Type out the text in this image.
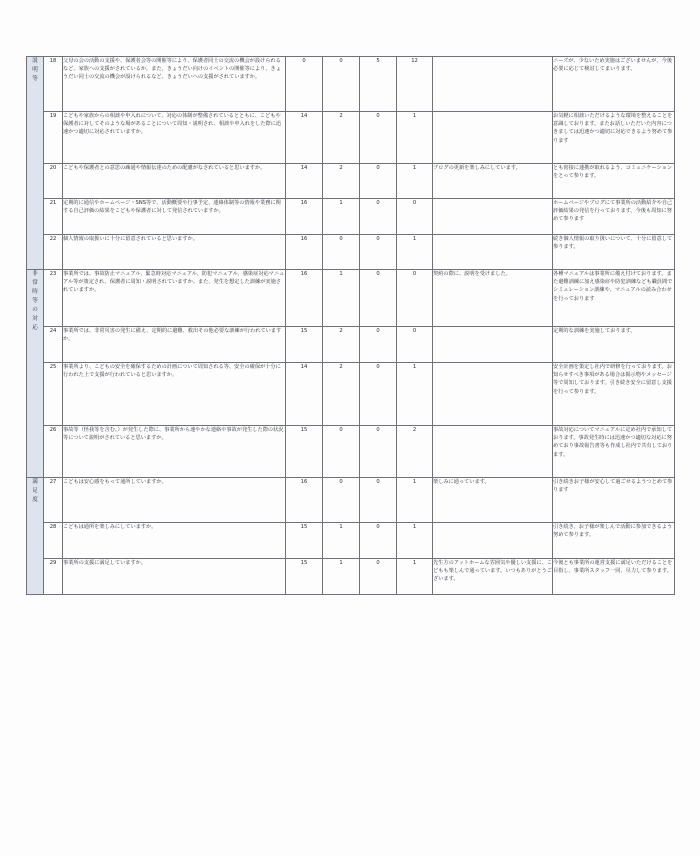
説明等	18	父母の会の活動の支援や、保護者会等の開催等により、保護者同士の交流の機会が設けられるなど、家族への支援がされているか。また、きょうだい向けのイベントの開催等により、きょうだい同士の交流の機会が設けられるなど、きょうだいへの支援がされていますか。	0	0	5	12		ニーズが、少ないため実施はございませんが、今後必要に応じて検討してまいります。
	19	こどもや家族からの相談や申入れについて、対応の体制が整備されているとともに、こどもや保護者に対してそのような場があることについて周知・説明され、相談や申入れをした際に迅速かつ適切に対応されていますか。	14	2	0	1		お気軽に相談いただけるような環境を整えることを意識しております。またお話しいただいた内容につきましては迅速かつ適切に対応できるよう努めて参ります
	20	こどもや保護者との意思の疎通や情報伝達のための配慮がなされていると思いますか。	14	2	0	1	ブログの更新を楽しみにしています。	とも密接に連携が取れるよう、コミュニケーションをとって参ります。
	21	定期的に通信やホームページ・SNS等で、活動概要や行事予定、連絡体制等の情報や業務に関する自己評価の結果をこどもや保護者に対して発信されていますか。	16	1	0	0		ホームページやブログにて事業所の活動紹介や自己評価結果の発信を行っております。今後も周知に努めて参ります
	22	個人情報の取扱いに十分に留意されていると思いますか。	16	0	0	1		続き個人情報の取り扱いについて、十分に留意して参ります。
非常時等の対応	23	事業所では、事故防止マニュアル、緊急時対応マニュアル、防犯マニュアル、感染症対応マニュアル等が策定され、保護者に周知・説明されていますか。また、発生を想定した訓練が実施されていますか。	16	1	0	0	契約の際に、説明を受けました。	各種マニュアルは事業所に備え付けております。また避難訓練に加え感染症や防犯訓練なども職員間でシミュレーション訓練や、マニュアルの読み合わせを行っております
	24	事業所では、非常災害の発生に備え、定期的に避難、救出その他必要な訓練が行われていますか。	15	2	0	0		定期的な訓練を実施しております。
	25	事業所より、こどもの安全を確保するための計画について周知される等、安全の確保が十分に行われた上で支援が行われていると思いますか。	14	2	0	1		安全計画を策定し社内で研修を行っております。お知らせすべき事項がある場合は掲示物やメッセージ等で周知しております。引き続き安全に留意し支援を行って参ります。
	26	事故等（怪我等を含む。）が発生した際に、事業所から速やかな連絡や事故が発生した際の状況等について説明がされていると思いますか。	15	0	0	2		事故対応についてマニュアルに定め社内で承知しております。事故発生時には迅速かつ適切な対応に努めており事故報告書等も作成し社内で共有しております。
満足度	27	こどもは安心感をもって通所していますか。	16	0	0	1	楽しみに通っています。	引き続きお子様が安心して過ごせるようつとめて参ります
	28	こどもは通所を楽しみにしていますか。	15	1	0	1		引き続き、お子様が楽しんで活動に参加できるよう努めて参ります。
	29	事業所の支援に満足していますか。	15	1	0	1	先生方のアットホームな雰囲気や優しい支援に、こどもも楽しんで通っています。いつもありがとうございます。	今後とも事業所の運営支援に満足いただけることを目指し、事業所スタッフ一同、尽力して参ります。
